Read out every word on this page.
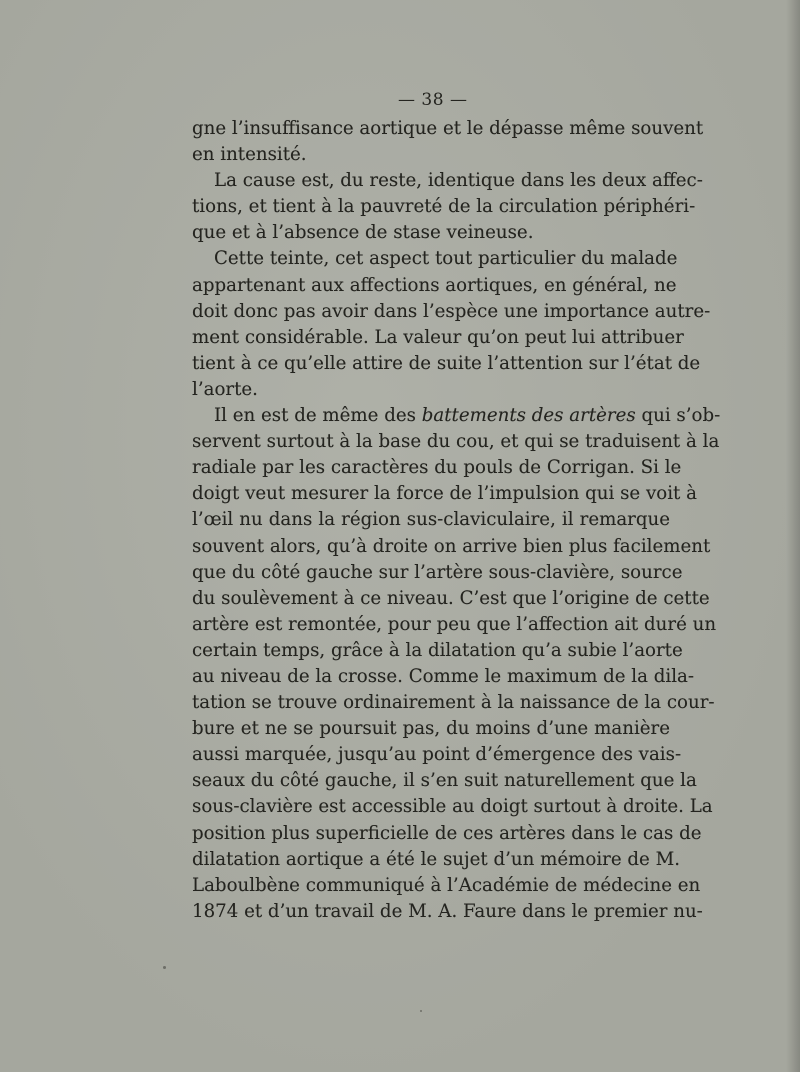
— 38 —
gne l’insuffisance aortique et le dépasse même souvent
en intensité.
La cause est, du reste, identique dans les deux affec-
tions, et tient à la pauvreté de la circulation périphéri-
que et à l’absence de stase veineuse.
Cette teinte, cet aspect tout particulier du malade
appartenant aux affections aortiques, en général, ne
doit donc pas avoir dans l’espèce une importance autre-
ment considérable. La valeur qu’on peut lui attribuer
tient à ce qu’elle attire de suite l’attention sur l’état de
l’aorte.
Il en est de même des battements des artères qui s’ob-
servent surtout à la base du cou, et qui se traduisent à la
radiale par les caractères du pouls de Corrigan. Si le
doigt veut mesurer la force de l’impulsion qui se voit à
l’œil nu dans la région sus-claviculaire, il remarque
souvent alors, qu’à droite on arrive bien plus facilement
que du côté gauche sur l’artère sous-clavière, source
du soulèvement à ce niveau. C’est que l’origine de cette
artère est remontée, pour peu que l’affection ait duré un
certain temps, grâce à la dilatation qu’a subie l’aorte
au niveau de la crosse. Comme le maximum de la dila-
tation se trouve ordinairement à la naissance de la cour-
bure et ne se poursuit pas, du moins d’une manière
aussi marquée, jusqu’au point d’émergence des vais-
seaux du côté gauche, il s’en suit naturellement que la
sous-clavière est accessible au doigt surtout à droite. La
position plus superficielle de ces artères dans le cas de
dilatation aortique a été le sujet d’un mémoire de M.
Laboulbène communiqué à l’Académie de médecine en
1874 et d’un travail de M. A. Faure dans le premier nu-
